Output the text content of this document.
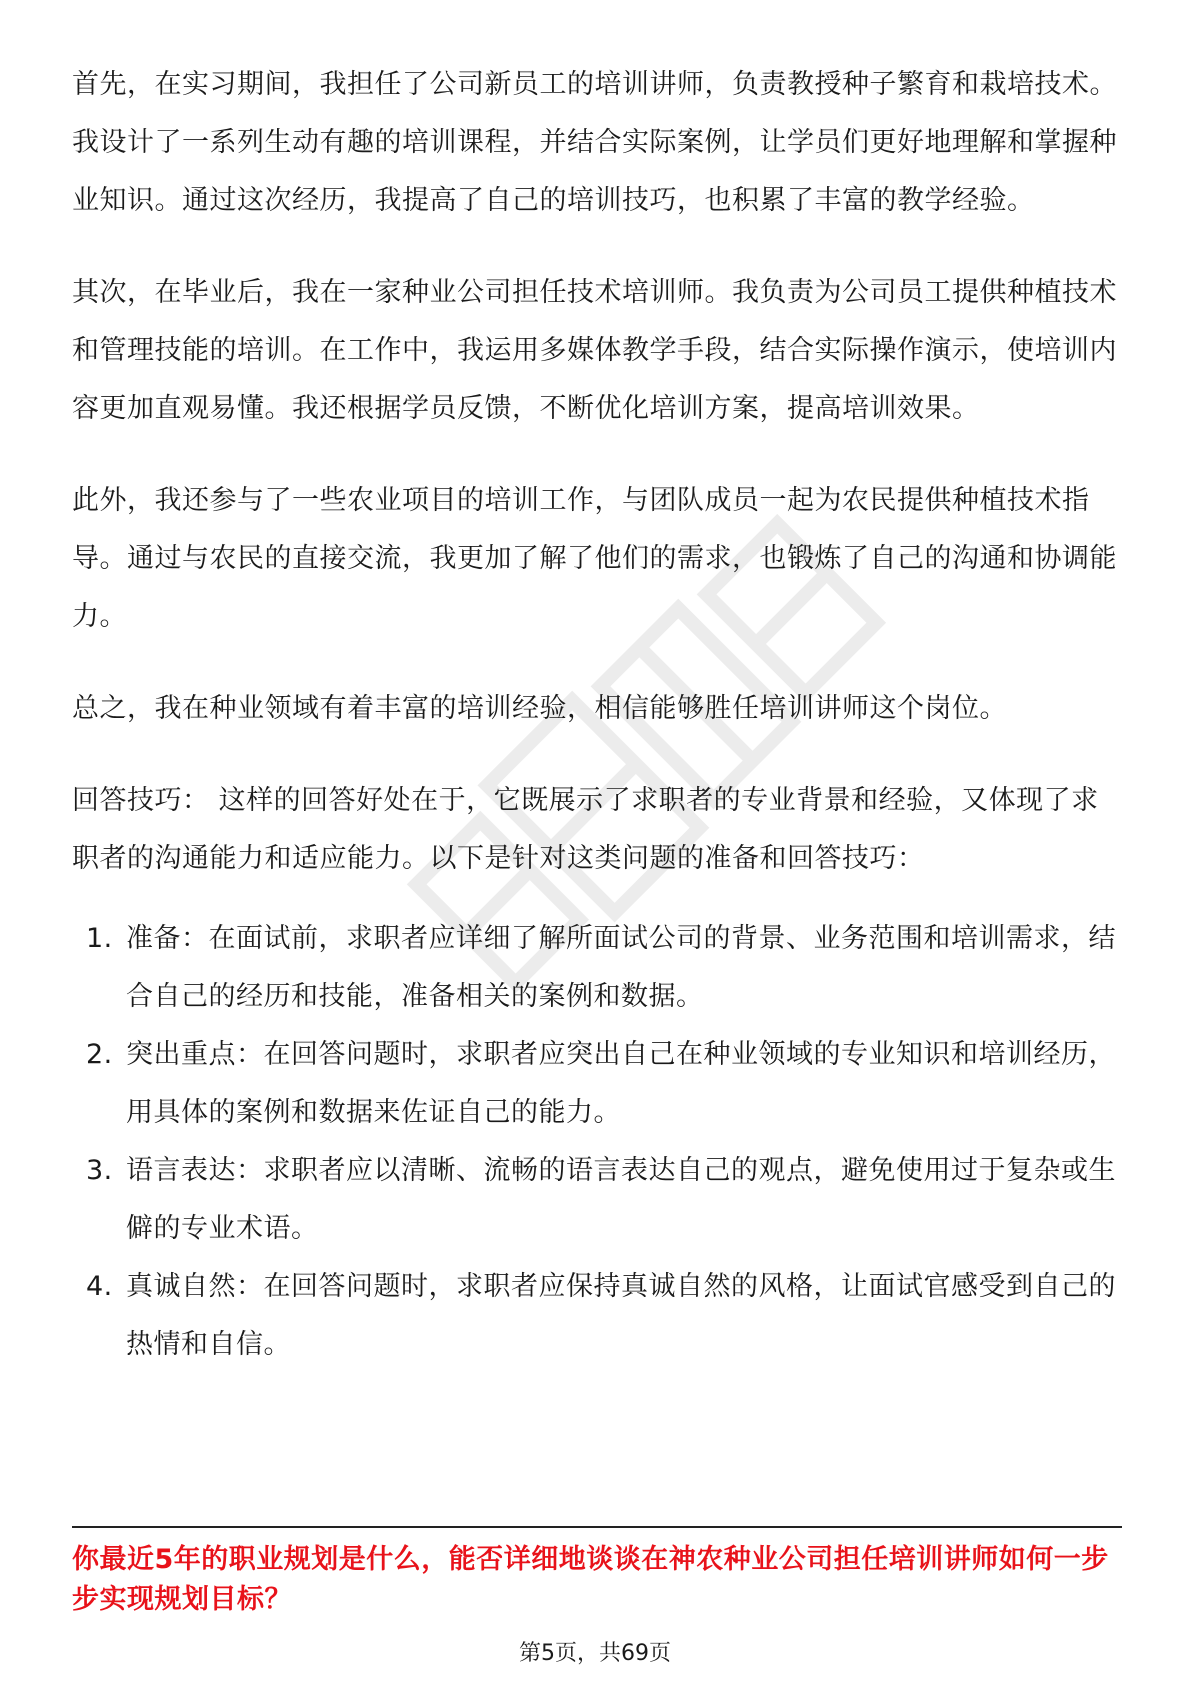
首先，在实习期间，我担任了公司新员工的培训讲师，负责教授种子繁育和栽培技术。我设计了一系列生动有趣的培训课程，并结合实际案例，让学员们更好地理解和掌握种业知识。通过这次经历，我提高了自己的培训技巧，也积累了丰富的教学经验。

其次，在毕业后，我在一家种业公司担任技术培训师。我负责为公司员工提供种植技术和管理技能的培训。在工作中，我运用多媒体教学手段，结合实际操作演示，使培训内容更加直观易懂。我还根据学员反馈，不断优化培训方案，提高培训效果。

此外，我还参与了一些农业项目的培训工作，与团队成员一起为农民提供种植技术指导。通过与农民的直接交流，我更加了解了他们的需求，也锻炼了自己的沟通和协调能力。

总之，我在种业领域有着丰富的培训经验，相信能够胜任培训讲师这个岗位。

回答技巧： 这样的回答好处在于，它既展示了求职者的专业背景和经验，又体现了求职者的沟通能力和适应能力。以下是针对这类问题的准备和回答技巧：

1. 准备：在面试前，求职者应详细了解所面试公司的背景、业务范围和培训需求，结合自己的经历和技能，准备相关的案例和数据。
2. 突出重点：在回答问题时，求职者应突出自己在种业领域的专业知识和培训经历，用具体的案例和数据来佐证自己的能力。
3. 语言表达：求职者应以清晰、流畅的语言表达自己的观点，避免使用过于复杂或生僻的专业术语。
4. 真诚自然：在回答问题时，求职者应保持真诚自然的风格，让面试官感受到自己的热情和自信。
你最近5年的职业规划是什么，能否详细地谈谈在神农种业公司担任培训讲师如何一步步实现规划目标？
第5页，共69页
